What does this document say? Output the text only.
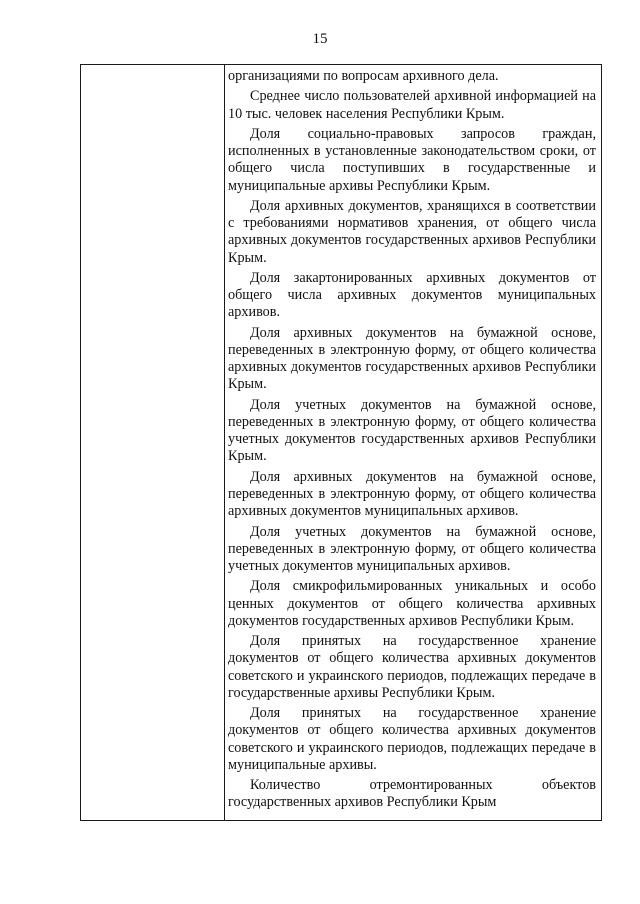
15

организациями по вопросам архивного дела.

Среднее число пользователей архивной информацией на 10 тыс. человек населения Республики Крым.

Доля социально-правовых запросов граждан, исполненных в установленные законодательством сроки, от общего числа поступивших в государственные и муниципальные архивы Республики Крым.

Доля архивных документов, хранящихся в соответствии с требованиями нормативов хранения, от общего числа архивных документов государственных архивов Республики Крым.

Доля закартонированных архивных документов от общего числа архивных документов муниципальных архивов.

Доля архивных документов на бумажной основе, переведенных в электронную форму, от общего количества архивных документов государственных архивов Республики Крым.

Доля учетных документов на бумажной основе, переведенных в электронную форму, от общего количества учетных документов государственных архивов Республики Крым.

Доля архивных документов на бумажной основе, переведенных в электронную форму, от общего количества архивных документов муниципальных архивов.

Доля учетных документов на бумажной основе, переведенных в электронную форму, от общего количества учетных документов муниципальных архивов.

Доля смикрофильмированных уникальных и особо ценных документов от общего количества архивных документов государственных архивов Республики Крым.

Доля принятых на государственное хранение документов от общего количества архивных документов советского и украинского периодов, подлежащих передаче в государственные архивы Республики Крым.

Доля принятых на государственное хранение документов от общего количества архивных документов советского и украинского периодов, подлежащих передаче в муниципальные архивы.

Количество отремонтированных объектов государственных архивов Республики Крым
